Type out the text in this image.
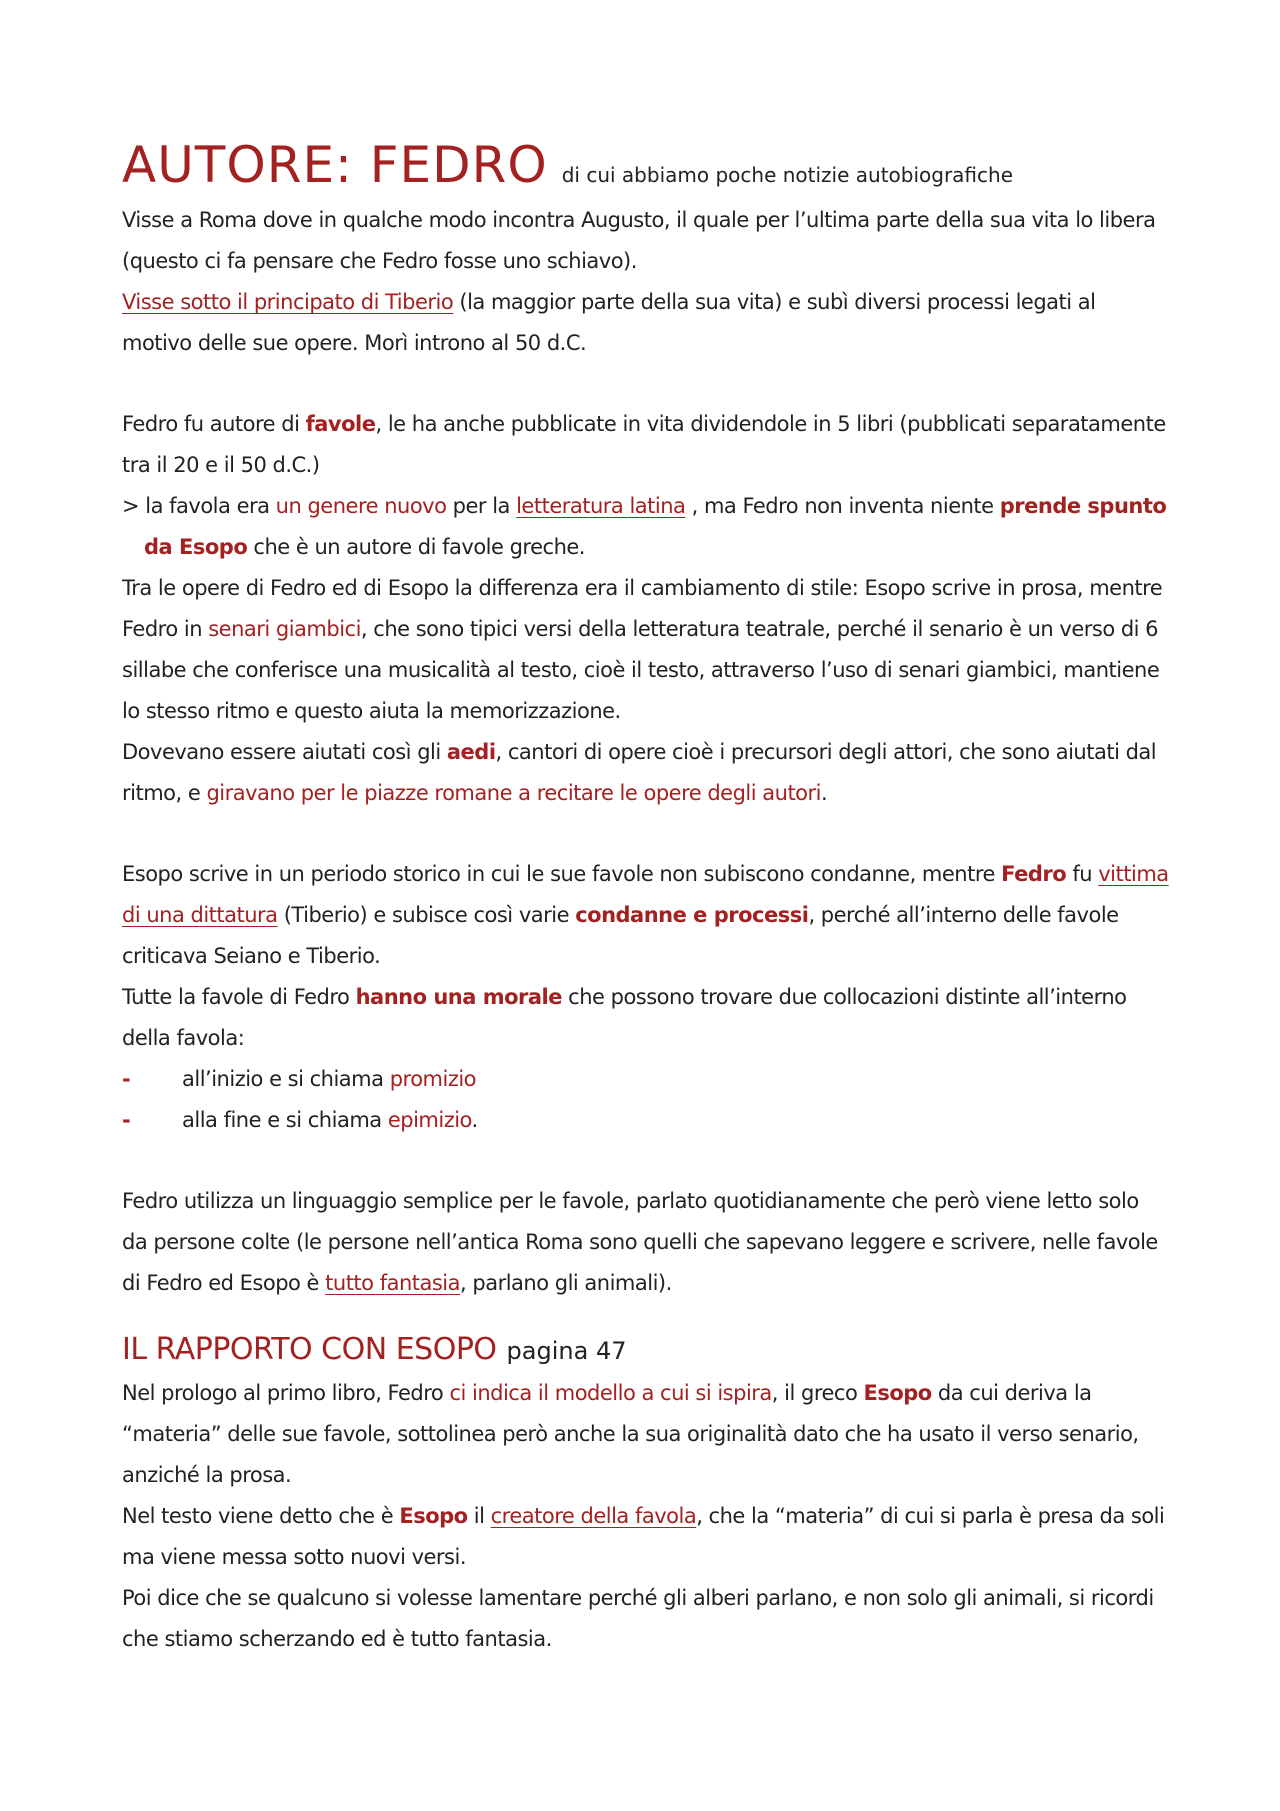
AUTORE: FEDRO di cui abbiamo poche notizie autobiografiche

Visse a Roma dove in qualche modo incontra Augusto, il quale per l’ultima parte della sua vita lo libera (questo ci fa pensare che Fedro fosse uno schiavo).

Visse sotto il principato di Tiberio (la maggior parte della sua vita) e subì diversi processi legati al motivo delle sue opere. Morì introno al 50 d.C.

Fedro fu autore di favole, le ha anche pubblicate in vita dividendole in 5 libri (pubblicati separatamente tra il 20 e il 50 d.C.)

> la favola era un genere nuovo per la letteratura latina , ma Fedro non inventa niente prende spunto da Esopo che è un autore di favole greche.

Tra le opere di Fedro ed di Esopo la differenza era il cambiamento di stile: Esopo scrive in prosa, mentre Fedro in senari giambici, che sono tipici versi della letteratura teatrale, perché il senario è un verso di 6 sillabe che conferisce una musicalità al testo, cioè il testo, attraverso l’uso di senari giambici, mantiene lo stesso ritmo e questo aiuta la memorizzazione.

Dovevano essere aiutati così gli aedi, cantori di opere cioè i precursori degli attori, che sono aiutati dal ritmo, e giravano per le piazze romane a recitare le opere degli autori.

Esopo scrive in un periodo storico in cui le sue favole non subiscono condanne, mentre Fedro fu vittima di una dittatura (Tiberio) e subisce così varie condanne e processi, perché all’interno delle favole criticava Seiano e Tiberio.

Tutte la favole di Fedro hanno una morale che possono trovare due collocazioni distinte all’interno della favola:

-	all’inizio e si chiama promizio
-	alla fine e si chiama epimizio.

Fedro utilizza un linguaggio semplice per le favole, parlato quotidianamente che però viene letto solo da persone colte (le persone nell’antica Roma sono quelli che sapevano leggere e scrivere, nelle favole di Fedro ed Esopo è tutto fantasia, parlano gli animali).

IL RAPPORTO CON ESOPO pagina 47

Nel prologo al primo libro, Fedro ci indica il modello a cui si ispira, il greco Esopo da cui deriva la “materia” delle sue favole, sottolinea però anche la sua originalità dato che ha usato il verso senario, anziché la prosa.

Nel testo viene detto che è Esopo il creatore della favola, che la “materia” di cui si parla è presa da soli ma viene messa sotto nuovi versi.

Poi dice che se qualcuno si volesse lamentare perché gli alberi parlano, e non solo gli animali, si ricordi che stiamo scherzando ed è tutto fantasia.
